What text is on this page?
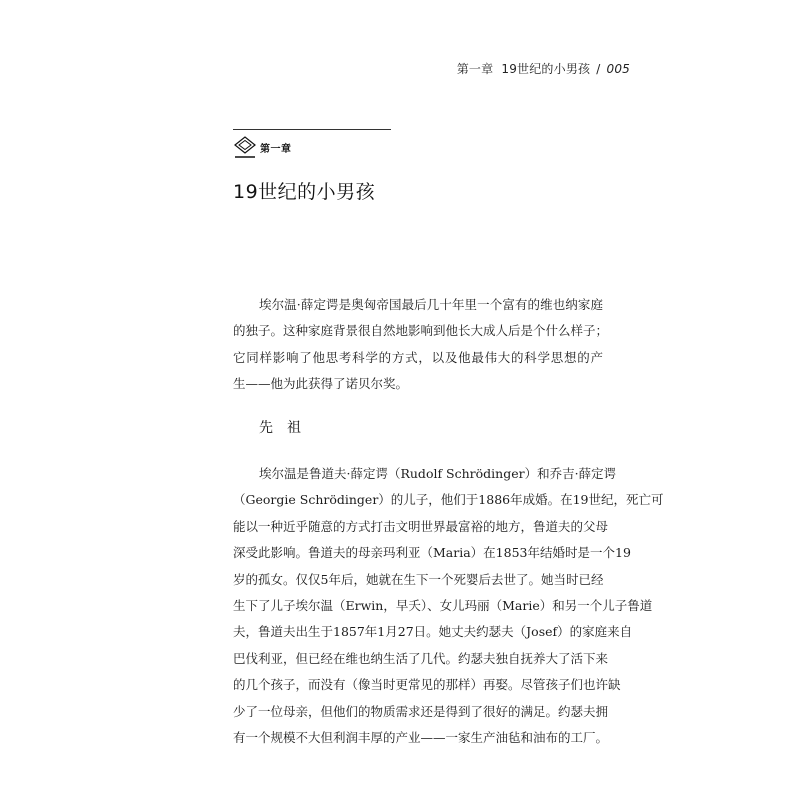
第一章 19世纪的小男孩 / 005
第一章
19世纪的小男孩

埃尔温·薛定谔是奥匈帝国最后几十年里一个富有的维也纳家庭
的独子。这种家庭背景很自然地影响到他长大成人后是个什么样子；
它同样影响了他思考科学的方式，以及他最伟大的科学思想的产
生——他为此获得了诺贝尔奖。

先祖

埃尔温是鲁道夫·薛定谔（Rudolf Schrödinger）和乔吉·薛定谔
（Georgie Schrödinger）的儿子，他们于1886年成婚。在19世纪，死亡可
能以一种近乎随意的方式打击文明世界最富裕的地方，鲁道夫的父母
深受此影响。鲁道夫的母亲玛利亚（Maria）在1853年结婚时是一个19
岁的孤女。仅仅5年后，她就在生下一个死婴后去世了。她当时已经
生下了儿子埃尔温（Erwin，早夭）、女儿玛丽（Marie）和另一个儿子鲁道
夫，鲁道夫出生于1857年1月27日。她丈夫约瑟夫（Josef）的家庭来自
巴伐利亚，但已经在维也纳生活了几代。约瑟夫独自抚养大了活下来
的几个孩子，而没有（像当时更常见的那样）再娶。尽管孩子们也许缺
少了一位母亲，但他们的物质需求还是得到了很好的满足。约瑟夫拥
有一个规模不大但利润丰厚的产业——一家生产油毡和油布的工厂。
